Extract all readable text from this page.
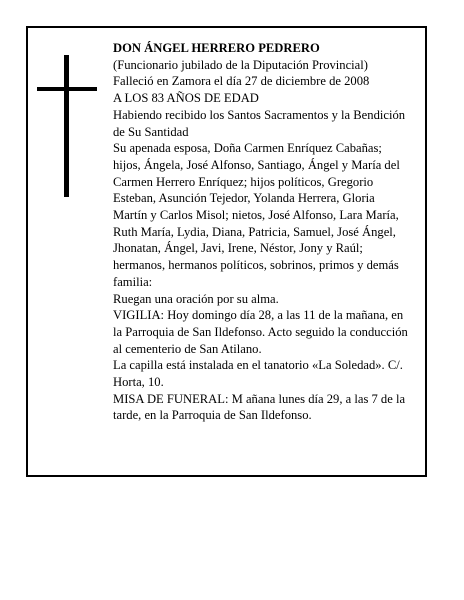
DON ÁNGEL HERRERO PEDRERO

(Funcionario jubilado de la Diputación Provincial)

Falleció en Zamora el día 27 de diciembre de 2008

A LOS 83 AÑOS DE EDAD

Habiendo recibido los Santos Sacramentos y la Bendición de Su Santidad

Su apenada esposa, Doña Carmen Enríquez Cabañas; hijos, Ángela, José Alfonso, Santiago, Ángel y María del Carmen Herrero Enríquez; hijos políticos, Gregorio Esteban, Asunción Tejedor, Yolanda Herrera, Gloria Martín y Carlos Misol; nietos, José Alfonso, Lara María, Ruth María, Lydia, Diana, Patricia, Samuel, José Ángel, Jhonatan, Ángel, Javi, Irene, Néstor, Jony y Raúl; hermanos, hermanos políticos, sobrinos, primos y demás familia:

Ruegan una oración por su alma.

VIGILIA: Hoy domingo día 28, a las 11 de la mañana, en la Parroquia de San Ildefonso. Acto seguido la conducción al cementerio de San Atilano.

La capilla está instalada en el tanatorio «La Soledad». C/. Horta, 10.

MISA DE FUNERAL: M añana lunes día 29, a las 7 de la tarde, en la Parroquia de San Ildefonso.
